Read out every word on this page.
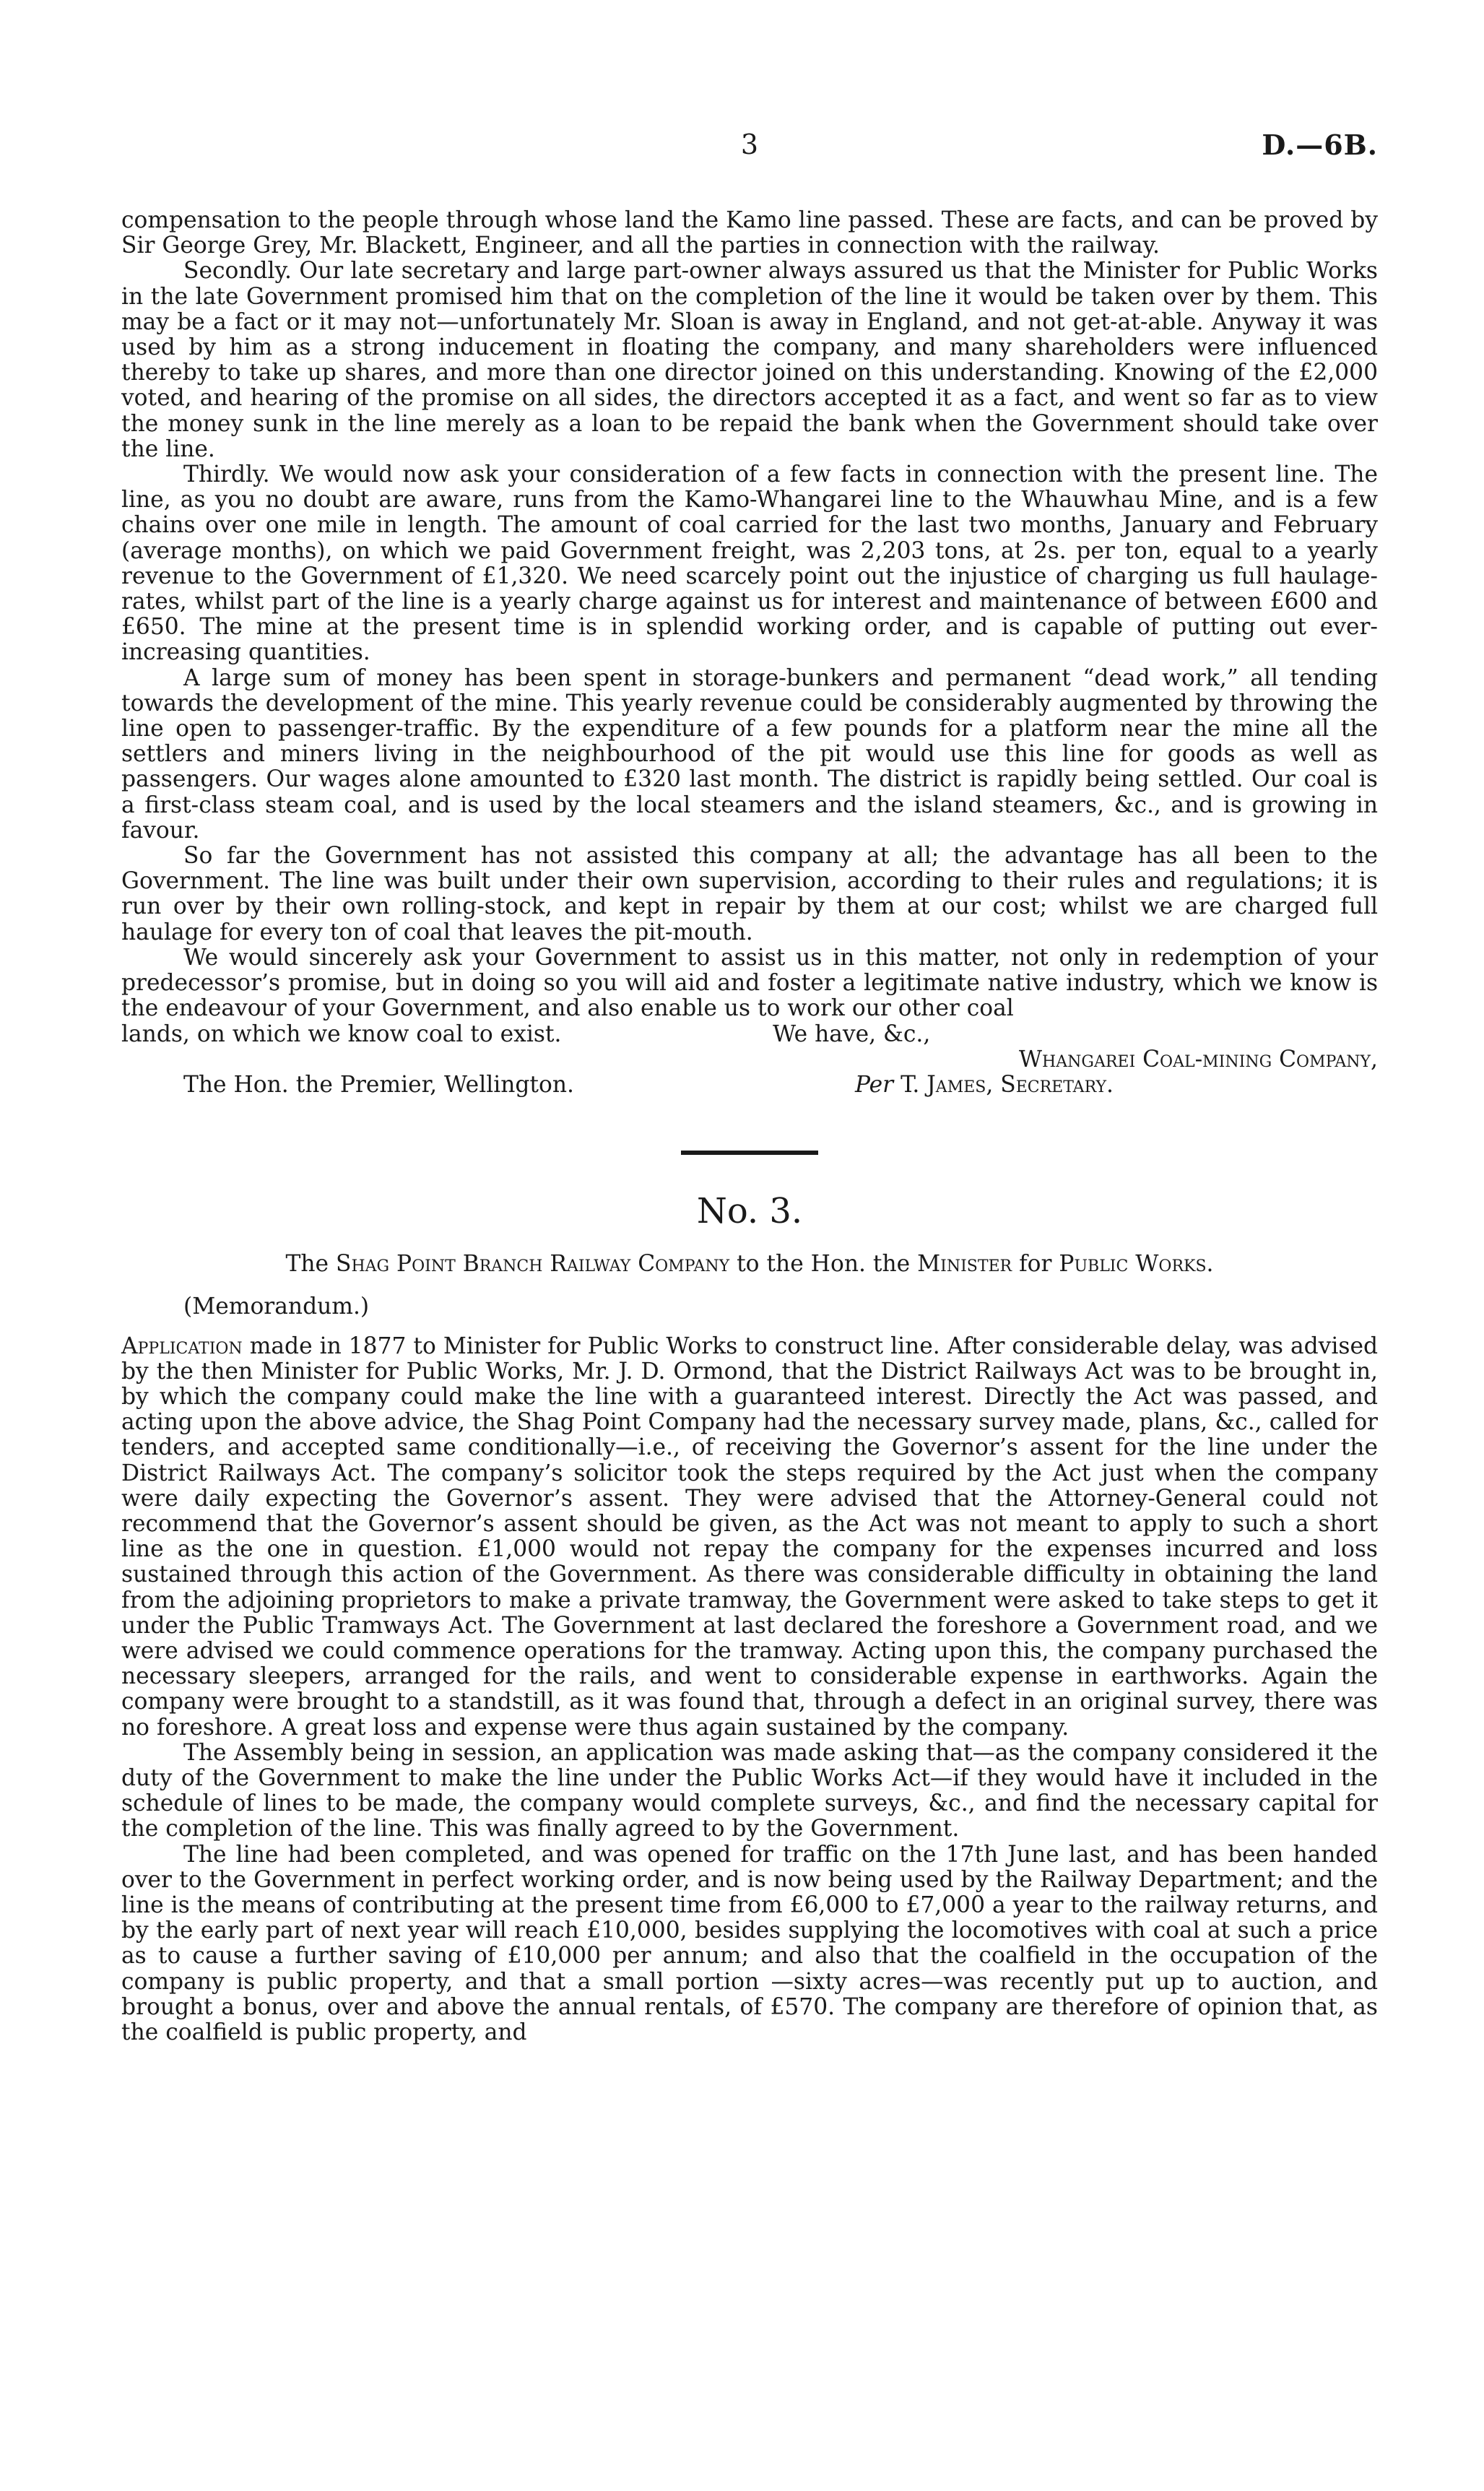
3	D.—6B.

compensation to the people through whose land the Kamo line passed. These are facts, and can be proved by Sir George Grey, Mr. Blackett, Engineer, and all the parties in connection with the railway.

Secondly. Our late secretary and large part-owner always assured us that the Minister for Public Works in the late Government promised him that on the completion of the line it would be taken over by them. This may be a fact or it may not—unfortunately Mr. Sloan is away in England, and not get-at-able. Anyway it was used by him as a strong inducement in floating the company, and many shareholders were influenced thereby to take up shares, and more than one director joined on this understanding. Knowing of the £2,000 voted, and hearing of the promise on all sides, the directors accepted it as a fact, and went so far as to view the money sunk in the line merely as a loan to be repaid the bank when the Government should take over the line.

Thirdly. We would now ask your consideration of a few facts in connection with the present line. The line, as you no doubt are aware, runs from the Kamo-Whangarei line to the Whauwhau Mine, and is a few chains over one mile in length. The amount of coal carried for the last two months, January and February (average months), on which we paid Government freight, was 2,203 tons, at 2s. per ton, equal to a yearly revenue to the Government of £1,320. We need scarcely point out the injustice of charging us full haulage-rates, whilst part of the line is a yearly charge against us for interest and maintenance of between £600 and £650. The mine at the present time is in splendid working order, and is capable of putting out ever-increasing quantities.

A large sum of money has been spent in storage-bunkers and permanent “dead work,” all tending towards the development of the mine. This yearly revenue could be considerably augmented by throwing the line open to passenger-traffic. By the expenditure of a few pounds for a platform near the mine all the settlers and miners living in the neighbourhood of the pit would use this line for goods as well as passengers. Our wages alone amounted to £320 last month. The district is rapidly being settled. Our coal is a first-class steam coal, and is used by the local steamers and the island steamers, &c., and is growing in favour.

So far the Government has not assisted this company at all; the advantage has all been to the Government. The line was built under their own supervision, according to their rules and regulations; it is run over by their own rolling-stock, and kept in repair by them at our cost; whilst we are charged full haulage for every ton of coal that leaves the pit-mouth.

We would sincerely ask your Government to assist us in this matter, not only in redemption of your predecessor’s promise, but in doing so you will aid and foster a legitimate native industry, which we know is the endeavour of your Government, and also enable us to work our other coal

lands, on which we know coal to exist.	We have, &c.,
Whangarei Coal-mining Company,
The Hon. the Premier, Wellington.	Per T. James, Secretary.
No. 3.
The Shag Point Branch Railway Company to the Hon. the Minister for Public Works.
(Memorandum.)

Application made in 1877 to Minister for Public Works to construct line. After considerable delay, was advised by the then Minister for Public Works, Mr. J. D. Ormond, that the District Railways Act was to be brought in, by which the company could make the line with a guaranteed interest. Directly the Act was passed, and acting upon the above advice, the Shag Point Company had the necessary survey made, plans, &c., called for tenders, and accepted same conditionally—i.e., of receiving the Governor’s assent for the line under the District Railways Act. The company’s solicitor took the steps required by the Act just when the company were daily expecting the Governor’s assent. They were advised that the Attorney-General could not recommend that the Governor’s assent should be given, as the Act was not meant to apply to such a short line as the one in question. £1,000 would not repay the company for the expenses incurred and loss sustained through this action of the Government. As there was considerable difficulty in obtaining the land from the adjoining proprietors to make a private tramway, the Government were asked to take steps to get it under the Public Tramways Act. The Government at last declared the foreshore a Government road, and we were advised we could commence operations for the tramway. Acting upon this, the company purchased the necessary sleepers, arranged for the rails, and went to considerable expense in earthworks. Again the company were brought to a standstill, as it was found that, through a defect in an original survey, there was no foreshore. A great loss and expense were thus again sustained by the company.

The Assembly being in session, an application was made asking that—as the company considered it the duty of the Government to make the line under the Public Works Act—if they would have it included in the schedule of lines to be made, the company would complete surveys, &c., and find the necessary capital for the completion of the line. This was finally agreed to by the Government.

The line had been completed, and was opened for traffic on the 17th June last, and has been handed over to the Government in perfect working order, and is now being used by the Railway Department; and the line is the means of contributing at the present time from £6,000 to £7,000 a year to the railway returns, and by the early part of next year will reach £10,000, besides supplying the locomotives with coal at such a price as to cause a further saving of £10,000 per annum; and also that the coalfield in the occupation of the company is public property, and that a small portion —sixty acres—was recently put up to auction, and brought a bonus, over and above the annual rentals, of £570. The company are therefore of opinion that, as the coalfield is public property, and
